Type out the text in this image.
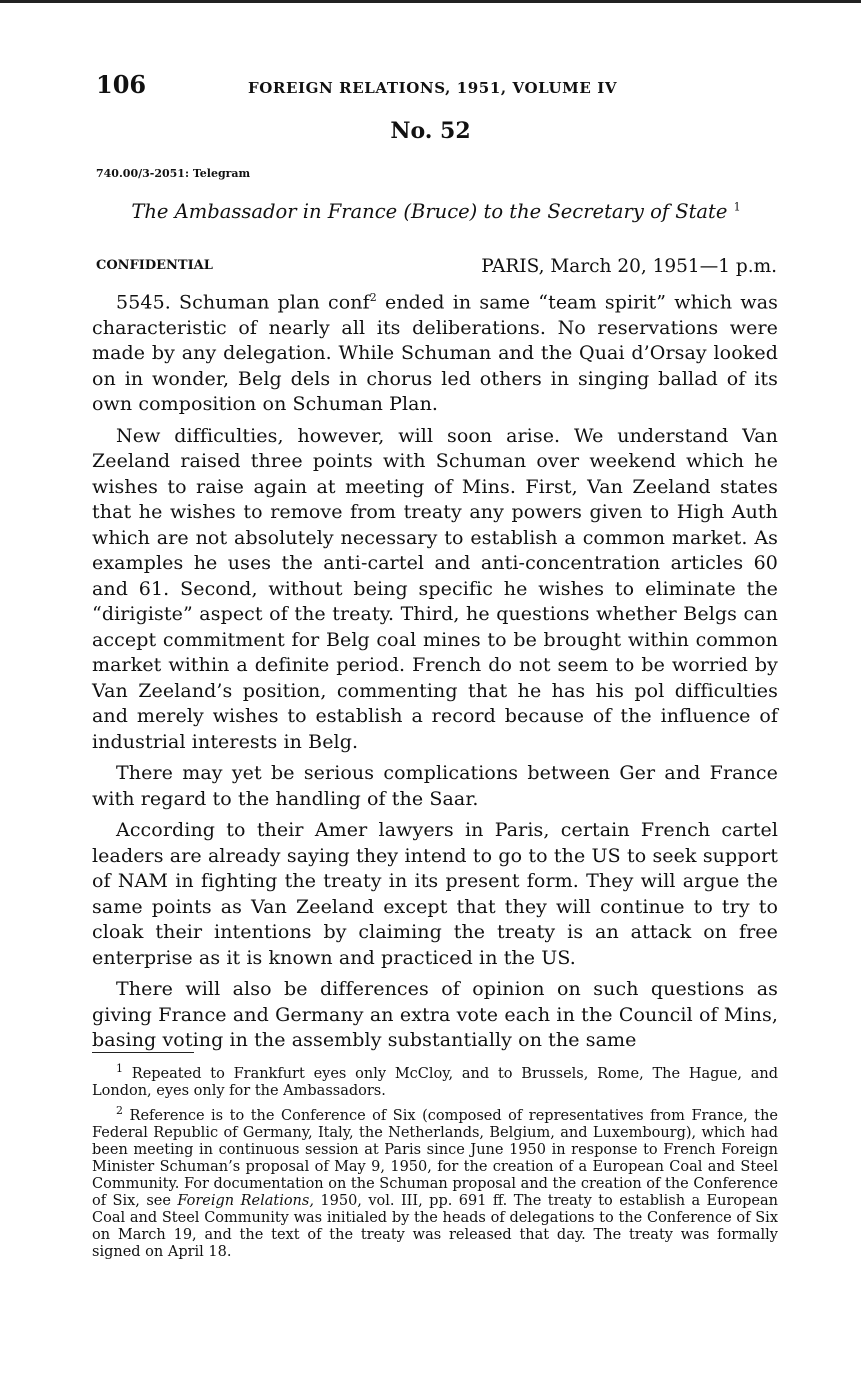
106	FOREIGN RELATIONS, 1951, VOLUME IV
No. 52
740.00/3-2051: Telegram
The Ambassador in France (Bruce) to the Secretary of State $^1$
CONFIDENTIAL	PARIS, March 20, 1951—1 p.m.

5545. Schuman plan conf$^2$ ended in same “team spirit” which was characteristic of nearly all its deliberations. No reservations were made by any delegation. While Schuman and the Quai d’Orsay looked on in wonder, Belg dels in chorus led others in singing ballad of its own composition on Schuman Plan.

New difficulties, however, will soon arise. We understand Van Zeeland raised three points with Schuman over weekend which he wishes to raise again at meeting of Mins. First, Van Zeeland states that he wishes to remove from treaty any powers given to High Auth which are not absolutely necessary to establish a common market. As examples he uses the anti-cartel and anti-concentration articles 60 and 61. Second, without being specific he wishes to eliminate the “dirigiste” aspect of the treaty. Third, he questions whether Belgs can accept commitment for Belg coal mines to be brought within common market within a definite period. French do not seem to be worried by Van Zeeland’s position, commenting that he has his pol difficulties and merely wishes to establish a record because of the influence of industrial interests in Belg.

There may yet be serious complications between Ger and France with regard to the handling of the Saar.

According to their Amer lawyers in Paris, certain French cartel leaders are already saying they intend to go to the US to seek support of NAM in fighting the treaty in its present form. They will argue the same points as Van Zeeland except that they will continue to try to cloak their intentions by claiming the treaty is an attack on free enterprise as it is known and practiced in the US.

There will also be differences of opinion on such questions as giving France and Germany an extra vote each in the Council of Mins, basing voting in the assembly substantially on the same

$^1$ Repeated to Frankfurt eyes only McCloy, and to Brussels, Rome, The Hague, and London, eyes only for the Ambassadors.

$^2$ Reference is to the Conference of Six (composed of representatives from France, the Federal Republic of Germany, Italy, the Netherlands, Belgium, and Luxembourg), which had been meeting in continuous session at Paris since June 1950 in response to French Foreign Minister Schuman’s proposal of May 9, 1950, for the creation of a European Coal and Steel Community. For documentation on the Schuman proposal and the creation of the Conference of Six, see Foreign Relations, 1950, vol. III, pp. 691 ff. The treaty to establish a European Coal and Steel Community was initialed by the heads of delegations to the Conference of Six on March 19, and the text of the treaty was released that day. The treaty was formally signed on April 18.
